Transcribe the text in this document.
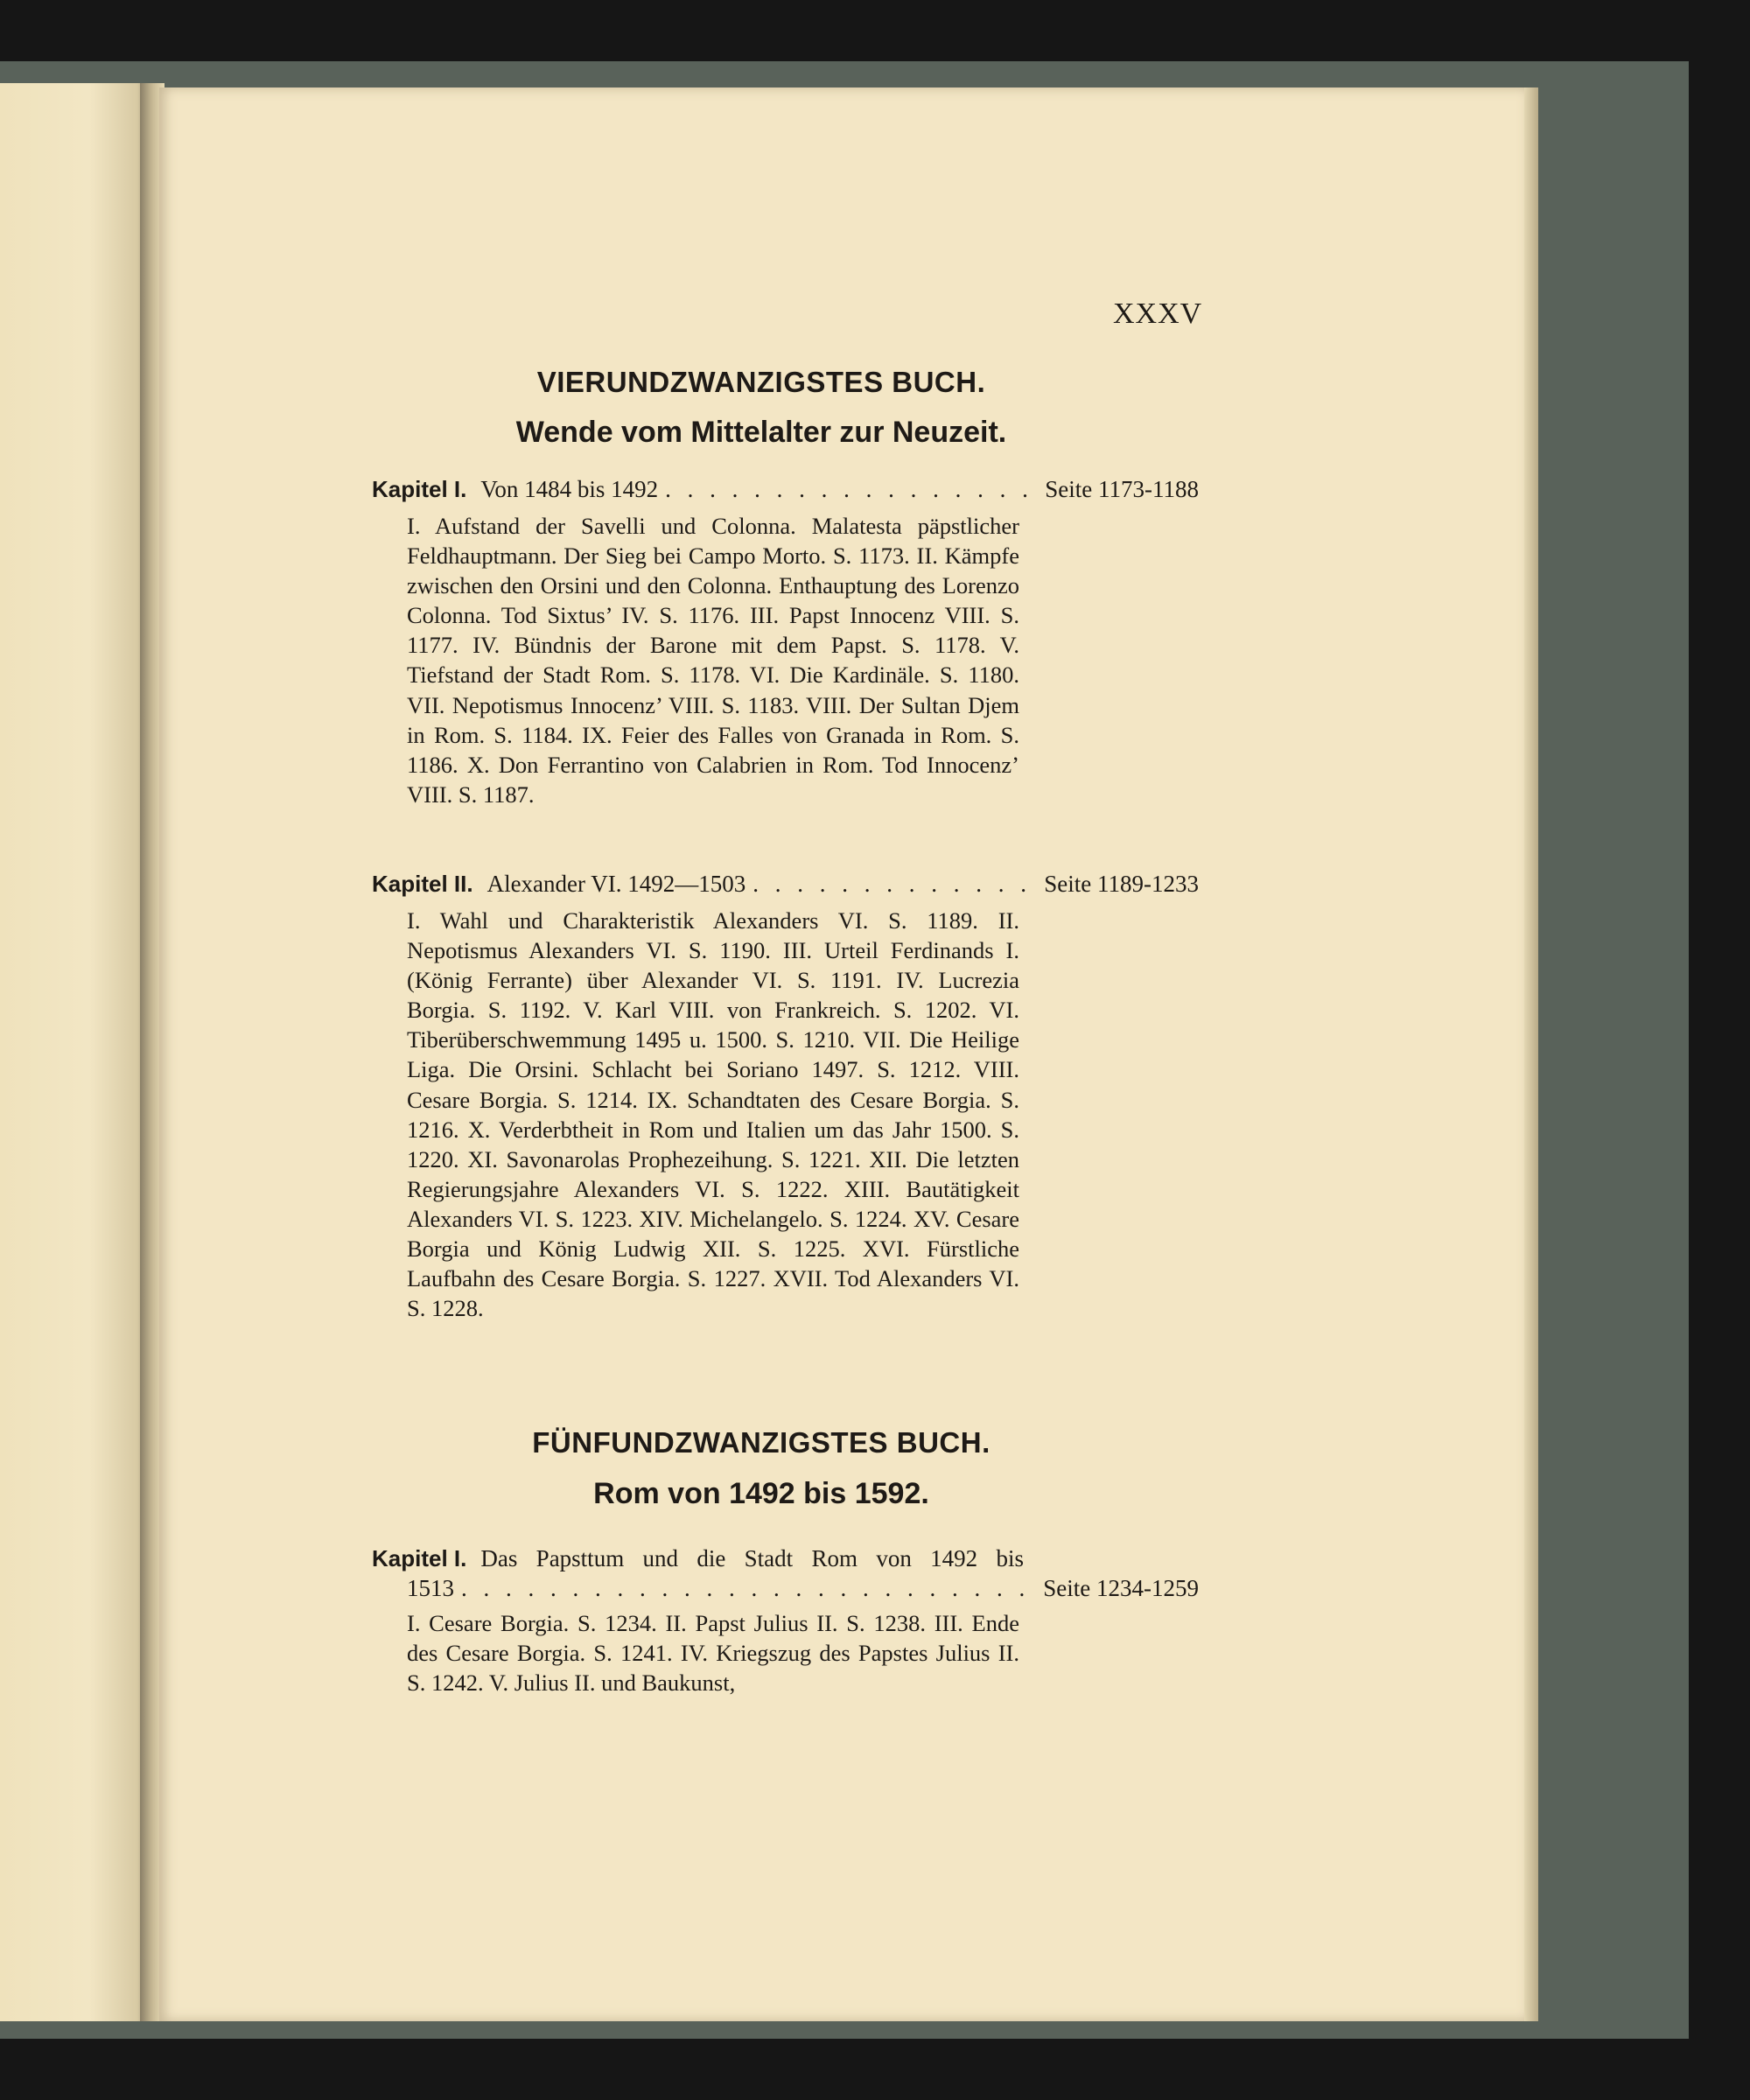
XXXV
VIERUNDZWANZIGSTES BUCH.
Wende vom Mittelalter zur Neuzeit.
Kapitel I. Von 1484 bis 1492 . . .	Seite 1173-1188
I. Aufstand der Savelli und Colonna. Malatesta päpstlicher Feldhauptmann. Der Sieg bei Campo Morto. S. 1173. II. Kämpfe zwischen den Orsini und den Colonna. Enthauptung des Lorenzo Colonna. Tod Sixtus’ IV. S. 1176. III. Papst Innocenz VIII. S. 1177. IV. Bündnis der Barone mit dem Papst. S. 1178. V. Tiefstand der Stadt Rom. S. 1178. VI. Die Kardinäle. S. 1180. VII. Nepotismus Innocenz’ VIII. S. 1183. VIII. Der Sultan Djem in Rom. S. 1184. IX. Feier des Falles von Granada in Rom. S. 1186. X. Don Ferrantino von Calabrien in Rom. Tod Innocenz’ VIII. S. 1187.
Kapitel II. Alexander VI. 1492—1503 . . .	Seite 1189-1233
I. Wahl und Charakteristik Alexanders VI. S. 1189. II. Nepotismus Alexanders VI. S. 1190. III. Urteil Ferdinands I. (König Ferrante) über Alexander VI. S. 1191. IV. Lucrezia Borgia. S. 1192. V. Karl VIII. von Frankreich. S. 1202. VI. Tiberüberschwemmung 1495 u. 1500. S. 1210. VII. Die Heilige Liga. Die Orsini. Schlacht bei Soriano 1497. S. 1212. VIII. Cesare Borgia. S. 1214. IX. Schandtaten des Cesare Borgia. S. 1216. X. Verderbtheit in Rom und Italien um das Jahr 1500. S. 1220. XI. Savonarolas Prophezeihung. S. 1221. XII. Die letzten Regierungsjahre Alexanders VI. S. 1222. XIII. Bautätigkeit Alexanders VI. S. 1223. XIV. Michelangelo. S. 1224. XV. Cesare Borgia und König Ludwig XII. S. 1225. XVI. Fürstliche Laufbahn des Cesare Borgia. S. 1227. XVII. Tod Alexanders VI. S. 1228.
FÜNFUNDZWANZIGSTES BUCH.
Rom von 1492 bis 1592.
Kapitel I. Das Papsttum und die Stadt Rom von 1492 bis
1513 . . .	Seite 1234-1259
I. Cesare Borgia. S. 1234. II. Papst Julius II. S. 1238. III. Ende des Cesare Borgia. S. 1241. IV. Kriegszug des Papstes Julius II. S. 1242. V. Julius II. und Baukunst,
